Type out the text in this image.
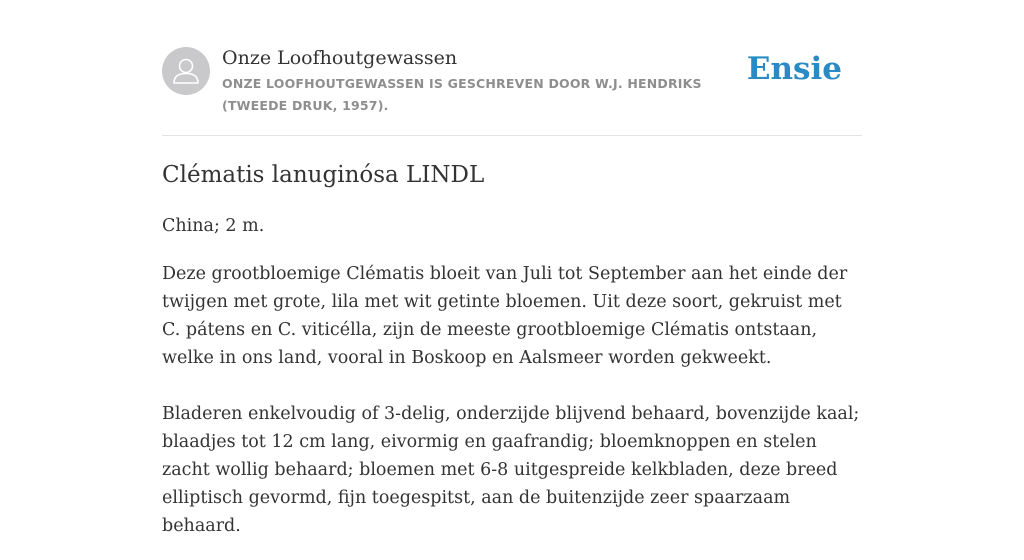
Onze Loofhoutgewassen
ONZE LOOFHOUTGEWASSEN IS GESCHREVEN DOOR W.J. HENDRIKS (TWEEDE DRUK, 1957).
Ensie
Clématis lanuginósa LINDL

China; 2 m.

Deze grootbloemige Clématis bloeit van Juli tot September aan het einde der twijgen met grote, lila met wit getinte bloemen. Uit deze soort, gekruist met C. pátens en C. viticélla, zijn de meeste grootbloemige Clématis ontstaan, welke in ons land, vooral in Boskoop en Aalsmeer worden gekweekt.

Bladeren enkelvoudig of 3-delig, onderzijde blijvend behaard, bovenzijde kaal; blaadjes tot 12 cm lang, eivormig en gaafrandig; bloemknoppen en stelen zacht wollig behaard; bloemen met 6-8 uitgespreide kelkbladen, deze breed elliptisch gevormd, fijn toegespitst, aan de buitenzijde zeer spaarzaam behaard.
